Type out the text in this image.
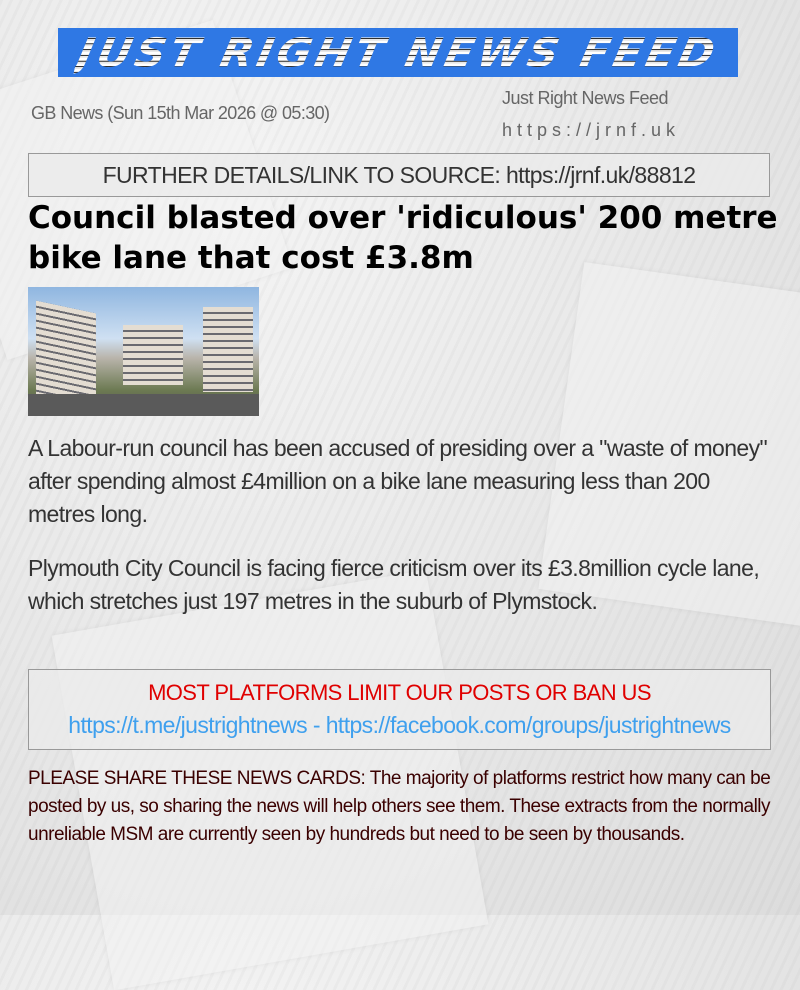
JUST RIGHT NEWS FEED
GB News (Sun 15th Mar 2026 @ 05:30)
Just Right News Feed
https://jrnf.uk
FURTHER DETAILS/LINK TO SOURCE: https://jrnf.uk/88812
Council blasted over 'ridiculous' 200 metre bike lane that cost £3.8m

A Labour-run council has been accused of presiding over a "waste of money" after spending almost £4million on a bike lane measuring less than 200 metres long.

Plymouth City Council is facing fierce criticism over its £3.8million cycle lane, which stretches just 197 metres in the suburb of Plymstock.

MOST PLATFORMS LIMIT OUR POSTS OR BAN US
https://t.me/justrightnews - https://facebook.com/groups/justrightnews

PLEASE SHARE THESE NEWS CARDS: The majority of platforms restrict how many can be posted by us, so sharing the news will help others see them. These extracts from the normally unreliable MSM are currently seen by hundreds but need to be seen by thousands.
